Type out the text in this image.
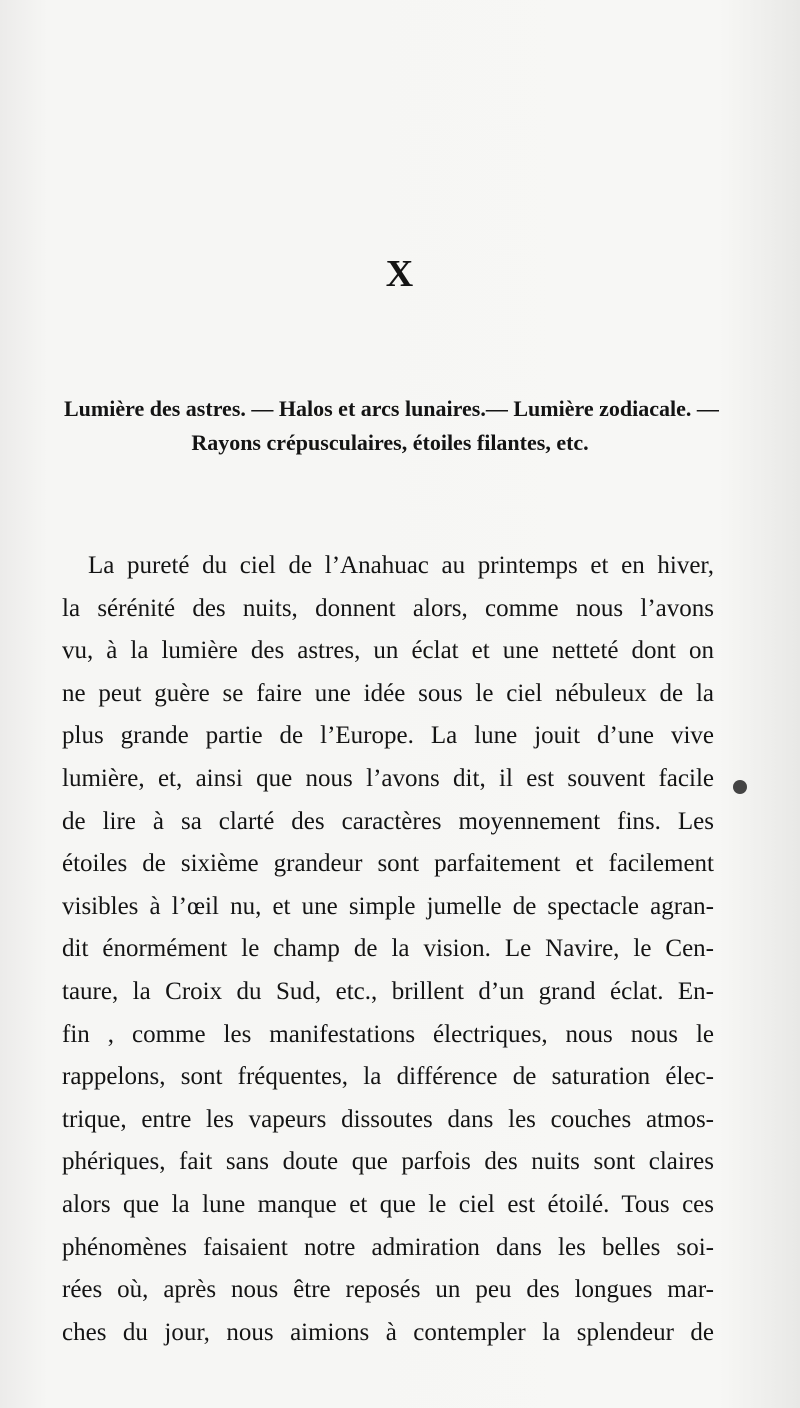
X

Lumière des astres. — Halos et arcs lunaires.— Lumière zodiacale. —
Rayons crépusculaires, étoiles filantes, etc.

La pureté du ciel de l’Anahuac au printemps et en hiver,
la sérénité des nuits, donnent alors, comme nous l’avons
vu, à la lumière des astres, un éclat et une netteté dont on
ne peut guère se faire une idée sous le ciel nébuleux de la
plus grande partie de l’Europe. La lune jouit d’une vive
lumière, et, ainsi que nous l’avons dit, il est souvent facile
de lire à sa clarté des caractères moyennement fins. Les
étoiles de sixième grandeur sont parfaitement et facilement
visibles à l’œil nu, et une simple jumelle de spectacle agran-
dit énormément le champ de la vision. Le Navire, le Cen-
taure, la Croix du Sud, etc., brillent d’un grand éclat. En-
fin , comme les manifestations électriques, nous nous le
rappelons, sont fréquentes, la différence de saturation élec-
trique, entre les vapeurs dissoutes dans les couches atmos-
phériques, fait sans doute que parfois des nuits sont claires
alors que la lune manque et que le ciel est étoilé. Tous ces
phénomènes faisaient notre admiration dans les belles soi-
rées où, après nous être reposés un peu des longues mar-
ches du jour, nous aimions à contempler la splendeur de
